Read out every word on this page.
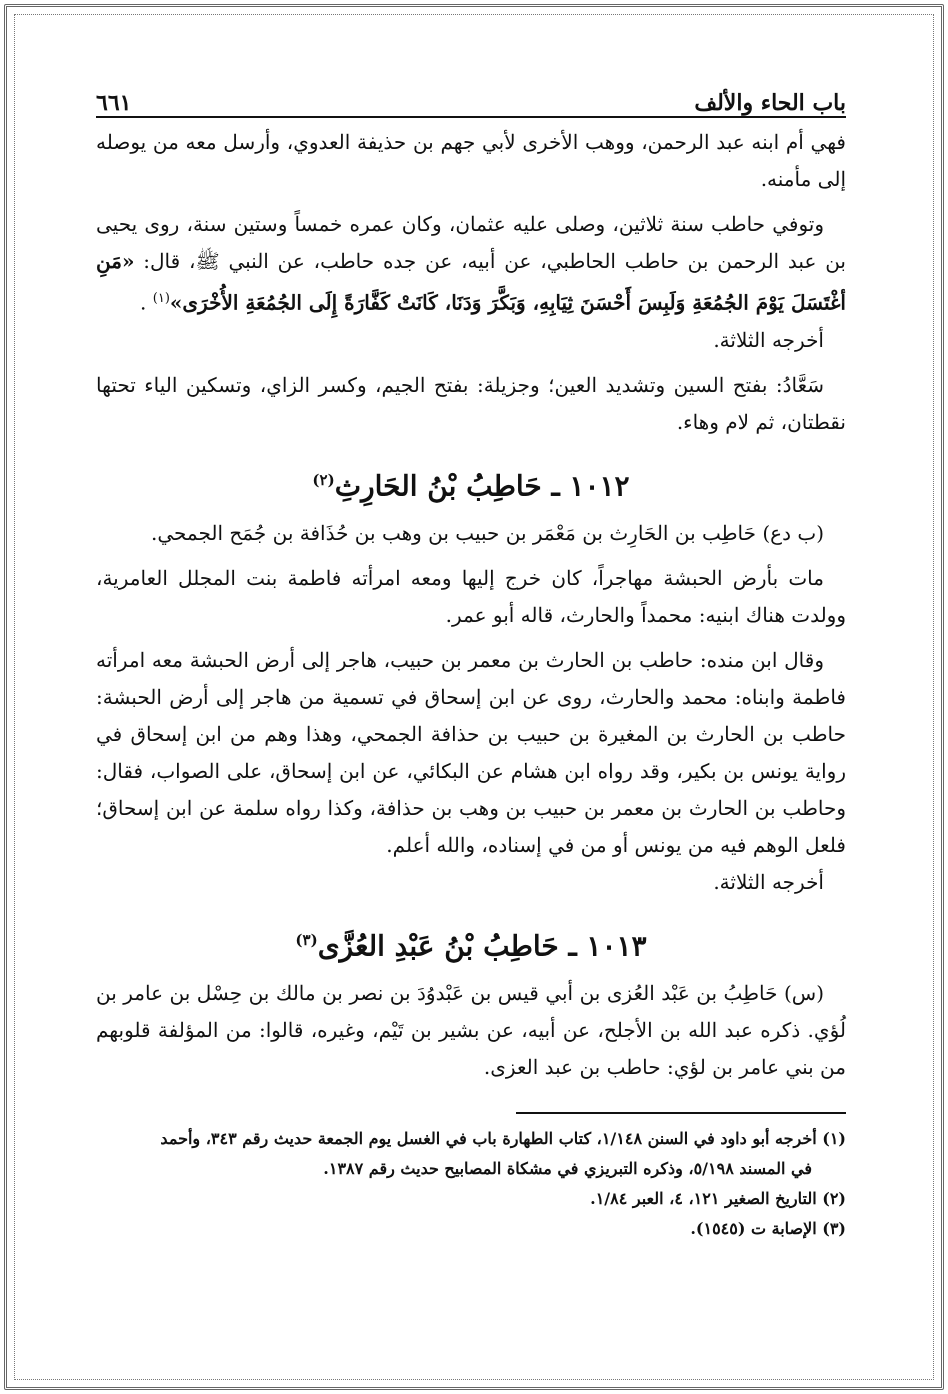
باب الحاء والألف
٦٦١

فهي أم ابنه عبد الرحمن، ووهب الأخرى لأبي جهم بن حذيفة العدوي، وأرسل معه من يوصله إلى مأمنه.

وتوفي حاطب سنة ثلاثين، وصلى عليه عثمان، وكان عمره خمساً وستين سنة، روى يحيى بن عبد الرحمن بن حاطب الحاطبي، عن أبيه، عن جده حاطب، عن النبي ﷺ، قال: «مَنِ أغْتَسَلَ يَوْمَ الجُمُعَةِ وَلَبِسَ أَحْسَنَ ثِيَابِهِ، وَبَكَّرَ وَدَنَا، كَانَتْ كَفَّارَةً إِلَى الجُمُعَةِ الأُخْرَى»$^{(١)}$ .

أخرجه الثلاثة.

سَعَّادُ: بفتح السين وتشديد العين؛ وجزيلة: بفتح الجيم، وكسر الزاي، وتسكين الياء تحتها نقطتان، ثم لام وهاء.

١٠١٢ ـ حَاطِبُ بْنُ الحَارِثِ$^{(٢)}$

(ب دع) حَاطِب بن الحَارِث بن مَعْمَر بن حبيب بن وهب بن حُذَافة بن جُمَح الجمحي.

مات بأرض الحبشة مهاجراً، كان خرج إليها ومعه امرأته فاطمة بنت المجلل العامرية، وولدت هناك ابنيه: محمداً والحارث، قاله أبو عمر.

وقال ابن منده: حاطب بن الحارث بن معمر بن حبيب، هاجر إلى أرض الحبشة معه امرأته فاطمة وابناه: محمد والحارث، روى عن ابن إسحاق في تسمية من هاجر إلى أرض الحبشة: حاطب بن الحارث بن المغيرة بن حبيب بن حذافة الجمحي، وهذا وهم من ابن إسحاق في رواية يونس بن بكير، وقد رواه ابن هشام عن البكائي، عن ابن إسحاق، على الصواب، فقال: وحاطب بن الحارث بن معمر بن حبيب بن وهب بن حذافة، وكذا رواه سلمة عن ابن إسحاق؛ فلعل الوهم فيه من يونس أو من في إسناده، والله أعلم.

أخرجه الثلاثة.

١٠١٣ ـ حَاطِبُ بْنُ عَبْدِ العُزَّى$^{(٣)}$

(س) حَاطِبُ بن عَبْد العُزى بن أبي قيس بن عَبْدوُدَ بن نصر بن مالك بن حِسْل بن عامر بن لُؤي. ذكره عبد الله بن الأجلح، عن أبيه، عن بشير بن تَيْم، وغيره، قالوا: من المؤلفة قلوبهم من بني عامر بن لؤي: حاطب بن عبد العزى.

(١) أخرجه أبو داود في السنن ١/١٤٨، كتاب الطهارة باب في الغسل يوم الجمعة حديث رقم ٣٤٣، وأحمد

في المسند ٥/١٩٨، وذكره التبريزي في مشكاة المصابيح حديث رقم ١٣٨٧.

(٢) التاريخ الصغير ١٢١، ٤، العبر ١/٨٤.

(٣) الإصابة ت (١٥٤٥).
